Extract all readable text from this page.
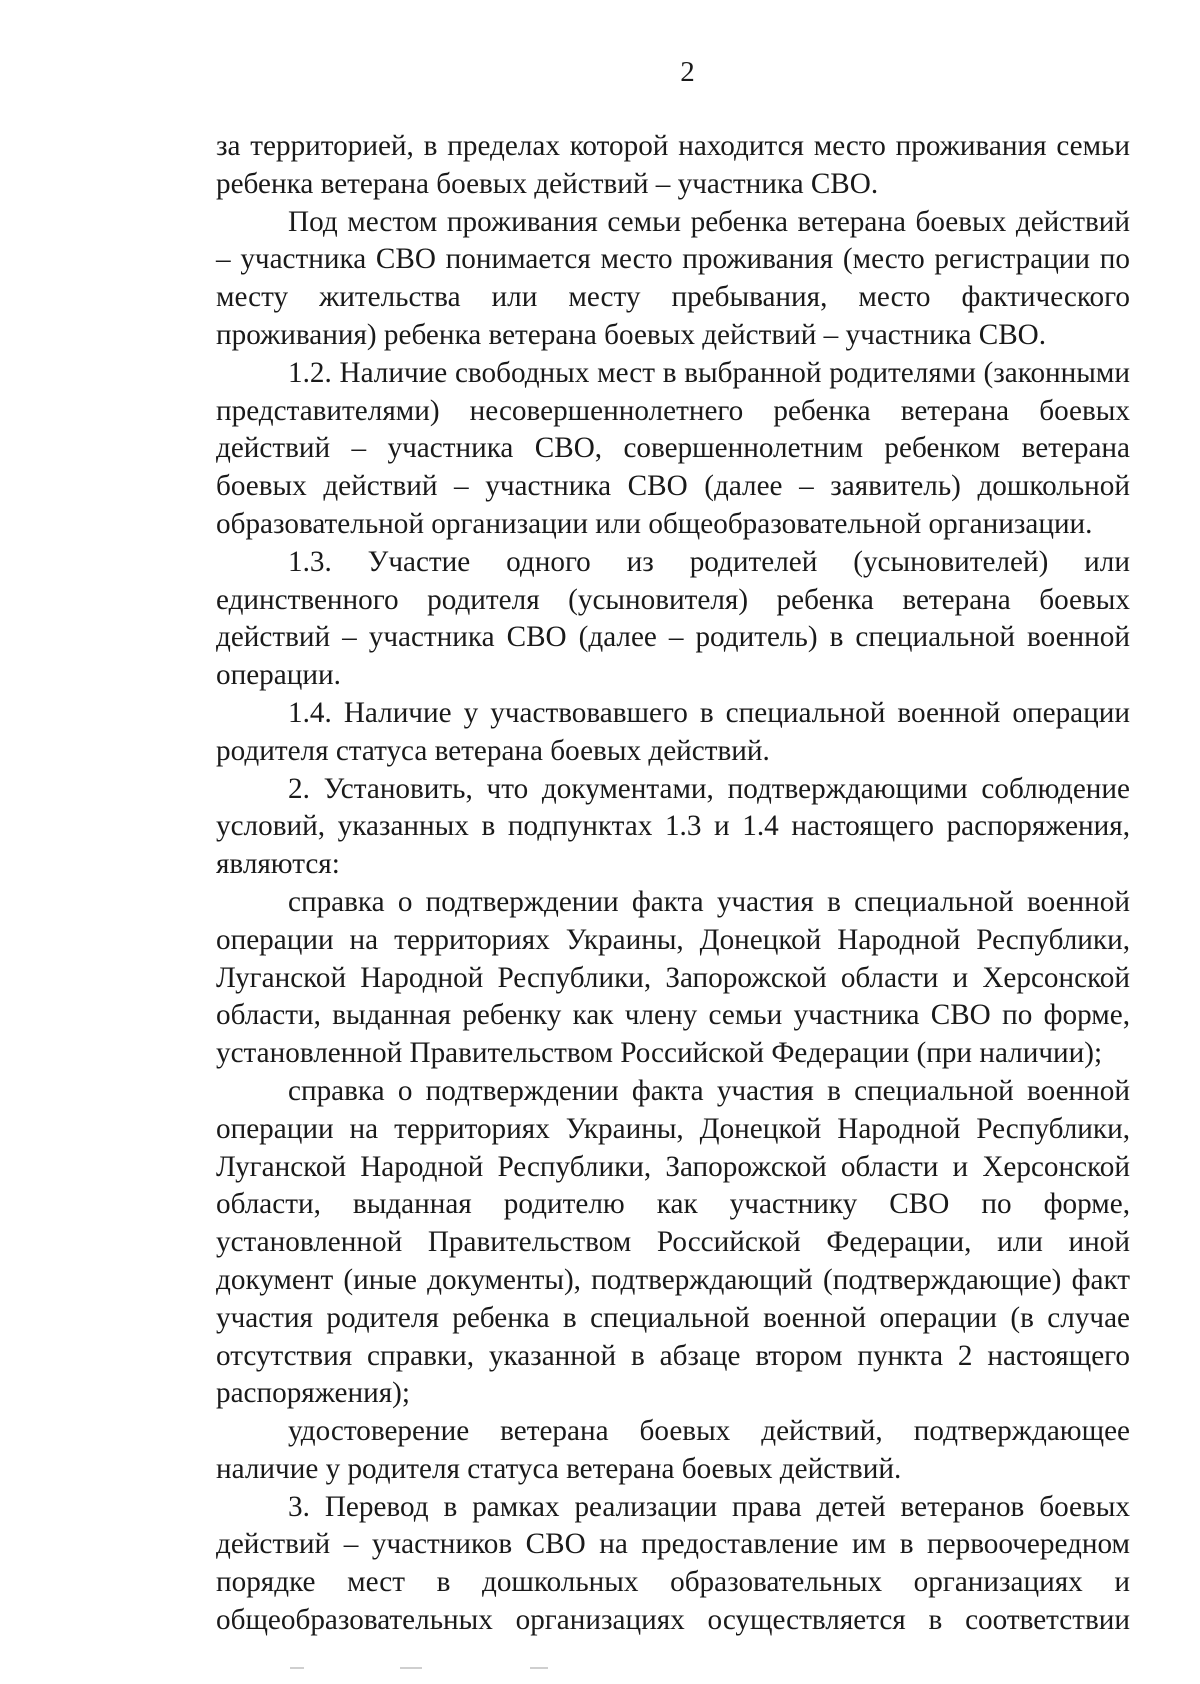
2

за территорией, в пределах которой находится место проживания семьи ребенка ветерана боевых действий – участника СВО.

Под местом проживания семьи ребенка ветерана боевых действий – участника СВО понимается место проживания (место регистрации по месту жительства или месту пребывания, место фактического проживания) ребенка ветерана боевых действий – участника СВО.

1.2. Наличие свободных мест в выбранной родителями (законными представителями) несовершеннолетнего ребенка ветерана боевых действий – участника СВО, совершеннолетним ребенком ветерана боевых действий – участника СВО (далее – заявитель) дошкольной образовательной организации или общеобразовательной организации.

1.3. Участие одного из родителей (усыновителей) или единственного родителя (усыновителя) ребенка ветерана боевых действий – участника СВО (далее – родитель) в специальной военной операции.

1.4. Наличие у участвовавшего в специальной военной операции родителя статуса ветерана боевых действий.

2. Установить, что документами, подтверждающими соблюдение условий, указанных в подпунктах 1.3 и 1.4 настоящего распоряжения, являются:

справка о подтверждении факта участия в специальной военной операции на территориях Украины, Донецкой Народной Республики, Луганской Народной Республики, Запорожской области и Херсонской области, выданная ребенку как члену семьи участника СВО по форме, установленной Правительством Российской Федерации (при наличии);

справка о подтверждении факта участия в специальной военной операции на территориях Украины, Донецкой Народной Республики, Луганской Народной Республики, Запорожской области и Херсонской области, выданная родителю как участнику СВО по форме, установленной Правительством Российской Федерации, или иной документ (иные документы), подтверждающий (подтверждающие) факт участия родителя ребенка в специальной военной операции (в случае отсутствия справки, указанной в абзаце втором пункта 2 настоящего распоряжения);

удостоверение ветерана боевых действий, подтверждающее наличие у родителя статуса ветерана боевых действий.

3. Перевод в рамках реализации права детей ветеранов боевых действий – участников СВО на предоставление им в первоочередном порядке мест в дошкольных образовательных организациях и общеобразовательных организациях осуществляется в соответствии
